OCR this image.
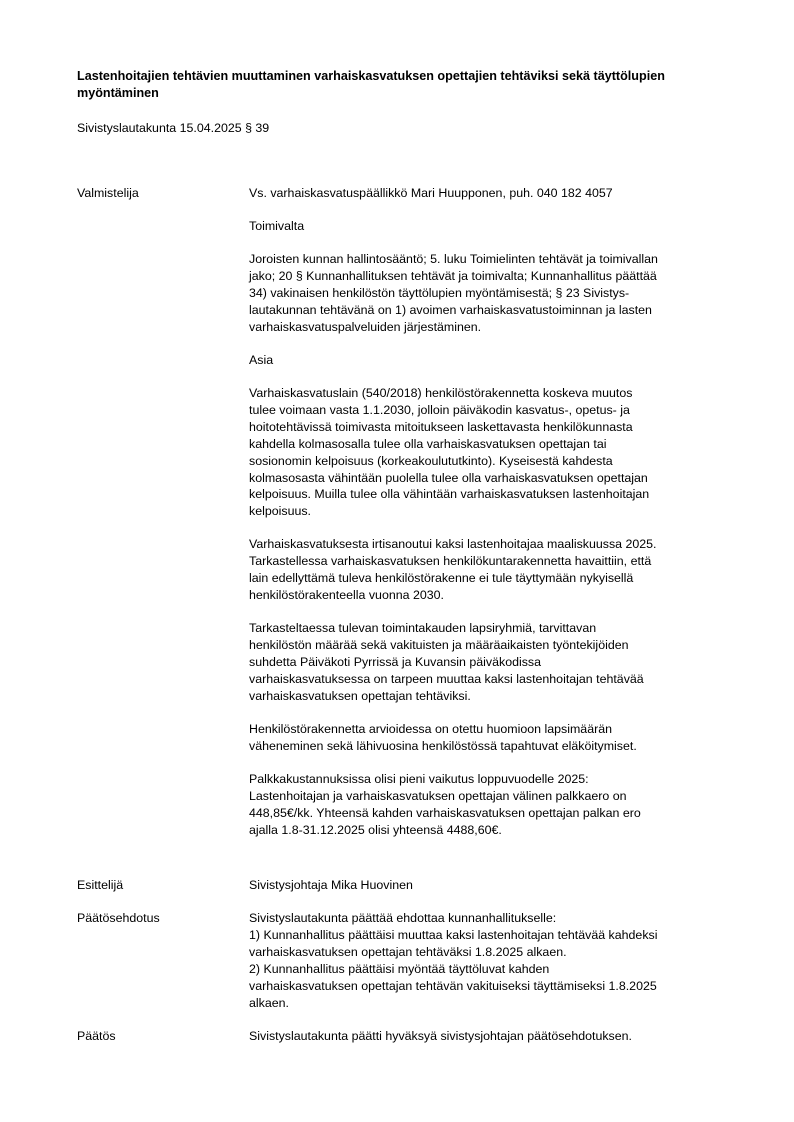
Lastenhoitajien tehtävien muuttaminen varhaiskasvatuksen opettajien tehtäviksi sekä täyttölupien myöntäminen
Sivistyslautakunta 15.04.2025 § 39
Valmistelija	Vs. varhaiskasvatuspäällikkö Mari Huupponen, puh. 040 182 4057
Toimivalta
Joroisten kunnan hallintosääntö; 5. luku Toimielinten tehtävät ja toimivallan
jako; 20 § Kunnanhallituksen tehtävät ja toimivalta; Kunnanhallitus päättää
34) vakinaisen henkilöstön täyttölupien myöntämisestä; § 23 Sivistys-
lautakunnan tehtävänä on 1) avoimen varhaiskasvatustoiminnan ja lasten
varhaiskasvatuspalveluiden järjestäminen.
Asia
Varhaiskasvatuslain (540/2018) henkilöstörakennetta koskeva muutos
tulee voimaan vasta 1.1.2030, jolloin päiväkodin kasvatus-, opetus- ja
hoitotehtävissä toimivasta mitoitukseen laskettavasta henkilökunnasta
kahdella kolmasosalla tulee olla varhaiskasvatuksen opettajan tai
sosionomin kelpoisuus (korkeakoulututkinto). Kyseisestä kahdesta
kolmasosasta vähintään puolella tulee olla varhaiskasvatuksen opettajan
kelpoisuus. Muilla tulee olla vähintään varhaiskasvatuksen lastenhoitajan
kelpoisuus.
Varhaiskasvatuksesta irtisanoutui kaksi lastenhoitajaa maaliskuussa 2025.
Tarkastellessa varhaiskasvatuksen henkilökuntarakennetta havaittiin, että
lain edellyttämä tuleva henkilöstörakenne ei tule täyttymään nykyisellä
henkilöstörakenteella vuonna 2030.
Tarkasteltaessa tulevan toimintakauden lapsiryhmiä, tarvittavan
henkilöstön määrää sekä vakituisten ja määräaikaisten työntekijöiden
suhdetta Päiväkoti Pyrrissä ja Kuvansin päiväkodissa
varhaiskasvatuksessa on tarpeen muuttaa kaksi lastenhoitajan tehtävää
varhaiskasvatuksen opettajan tehtäviksi.
Henkilöstörakennetta arvioidessa on otettu huomioon lapsimäärän
väheneminen sekä lähivuosina henkilöstössä tapahtuvat eläköitymiset.
Palkkakustannuksissa olisi pieni vaikutus loppuvuodelle 2025:
Lastenhoitajan ja varhaiskasvatuksen opettajan välinen palkkaero on
448,85€/kk. Yhteensä kahden varhaiskasvatuksen opettajan palkan ero
ajalla 1.8-31.12.2025 olisi yhteensä 4488,60€.
Esittelijä	Sivistysjohtaja Mika Huovinen
Päätösehdotus	Sivistyslautakunta päättää ehdottaa kunnanhallitukselle:
1) Kunnanhallitus päättäisi muuttaa kaksi lastenhoitajan tehtävää kahdeksi
varhaiskasvatuksen opettajan tehtäväksi 1.8.2025 alkaen.
2) Kunnanhallitus päättäisi myöntää täyttöluvat kahden
varhaiskasvatuksen opettajan tehtävän vakituiseksi täyttämiseksi 1.8.2025
alkaen.
Päätös	Sivistyslautakunta päätti hyväksyä sivistysjohtajan päätösehdotuksen.
